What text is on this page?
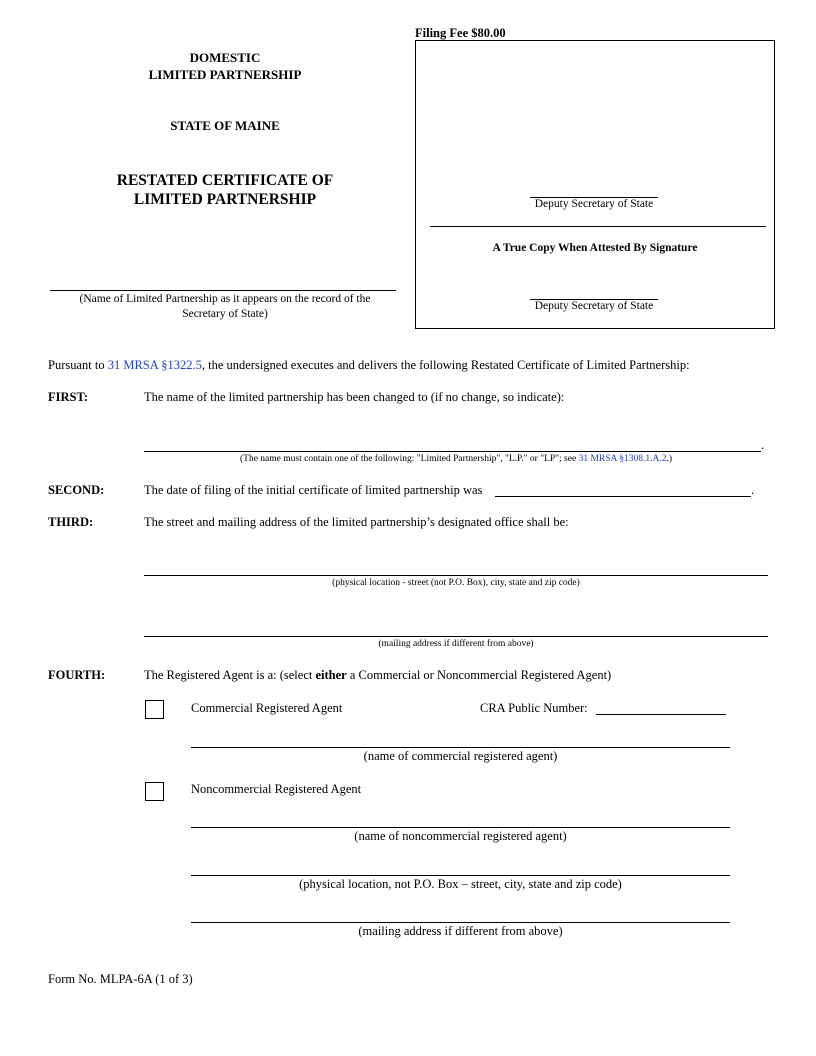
Filing Fee $80.00
DOMESTIC
LIMITED PARTNERSHIP
STATE OF MAINE
RESTATED CERTIFICATE OF
LIMITED PARTNERSHIP
(Name of Limited Partnership as it appears on the record of the
Secretary of State)
Deputy Secretary of State
A True Copy When Attested By Signature
Deputy Secretary of State
Pursuant to 31 MRSA §1322.5, the undersigned executes and delivers the following Restated Certificate of Limited Partnership:
FIRST:	The name of the limited partnership has been changed to (if no change, so indicate):
.
(The name must contain one of the following: "Limited Partnership", "L.P." or "LP"; see 31 MRSA §1308.1.A.2.)
SECOND:	The date of filing of the initial certificate of limited partnership was	.
THIRD:	The street and mailing address of the limited partnership’s designated office shall be:
(physical location - street (not P.O. Box), city, state and zip code)
(mailing address if different from above)
FOURTH:	The Registered Agent is a: (select either a Commercial or Noncommercial Registered Agent)
Commercial Registered Agent	CRA Public Number:
(name of commercial registered agent)
Noncommercial Registered Agent
(name of noncommercial registered agent)
(physical location, not P.O. Box – street, city, state and zip code)
(mailing address if different from above)
Form No. MLPA-6A (1 of 3)
